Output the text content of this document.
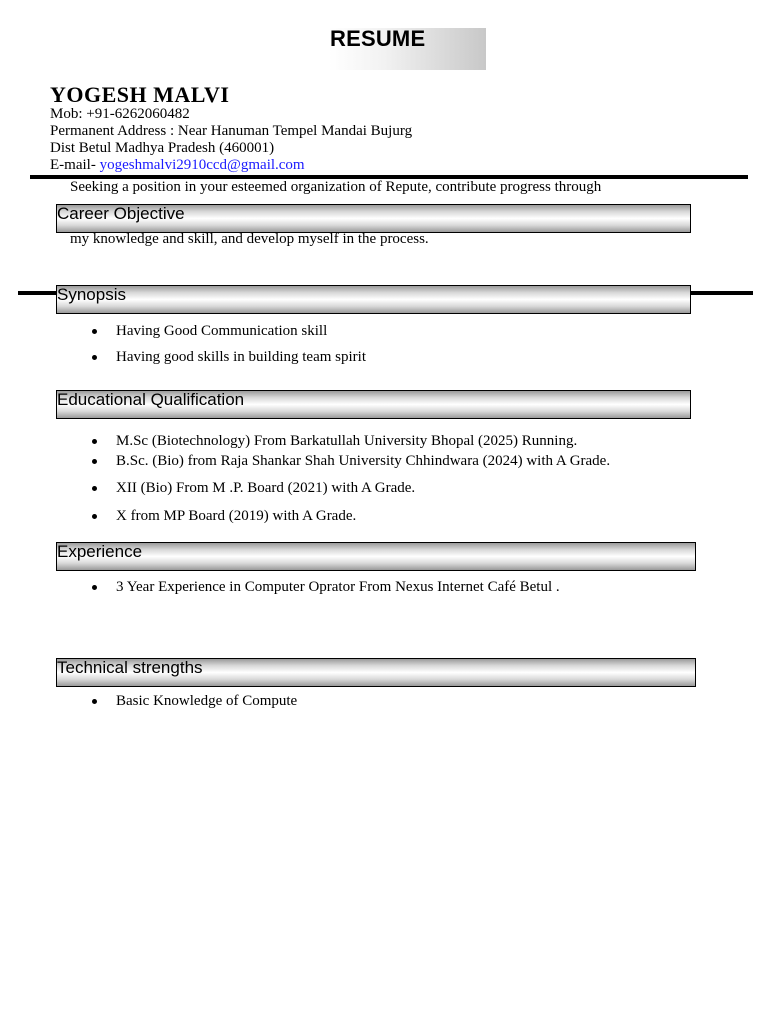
RESUME
YOGESH MALVI
Mob: +91-6262060482
Permanent Address : Near Hanuman Tempel Mandai Bujurg
Dist Betul Madhya Pradesh (460001)
E-mail- yogeshmalvi2910ccd@gmail.com
Seeking a position in your esteemed organization of Repute, contribute progress through
Career Objective
my knowledge and skill, and develop myself in the process.
Synopsis
Having Good Communication skill
Having good skills in building team spirit
Educational Qualification
M.Sc (Biotechnology) From Barkatullah University Bhopal (2025) Running.
B.Sc. (Bio) from Raja Shankar Shah University Chhindwara (2024) with A Grade.
XII (Bio) From M .P. Board (2021) with A Grade.
X from MP Board (2019) with A Grade.
Experience
3 Year Experience in Computer Oprator From Nexus Internet Café Betul .
Technical strengths
Basic Knowledge of Compute
